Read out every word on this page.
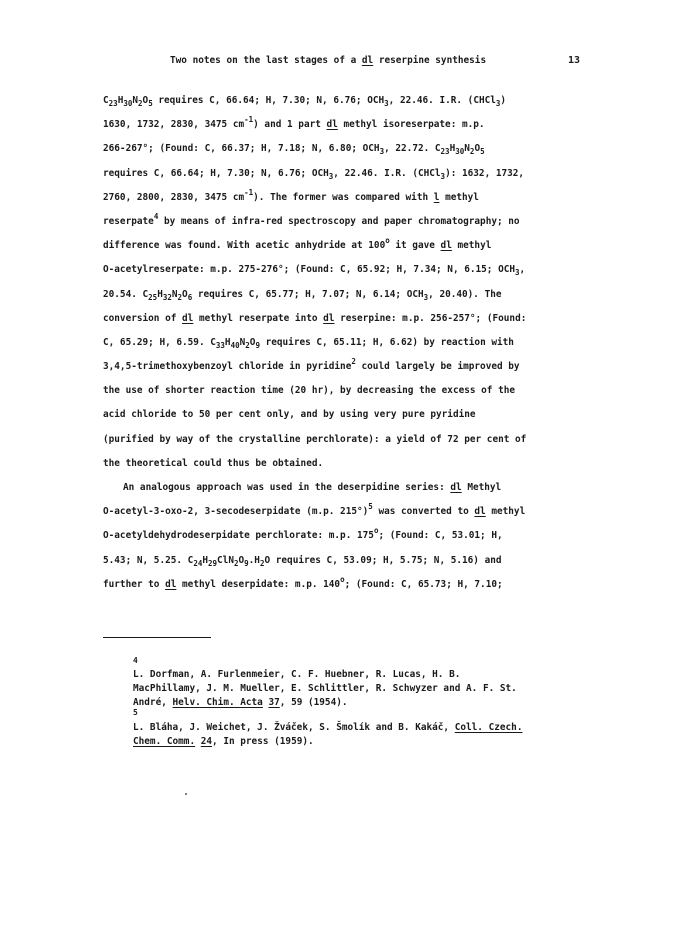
Two notes on the last stages of a dl reserpine synthesis	13
$C_{23}H_{30}N_2O_5$ requires C, 66.64; H, 7.30; N, 6.76; $OCH_3$, 22.46. I.R. (CHCl$_3$)
1630, 1732, 2830, 3475 $cm^{-1}$) and 1 part dl methyl isoreserpate: m.p.
266-267°; (Found: C, 66.37; H, 7.18; N, 6.80; $OCH_3$, 22.72. $C_{23}H_{30}N_2O_5$
requires C, 66.64; H, 7.30; N, 6.76; $OCH_3$, 22.46. I.R. (CHCl$_3$): 1632, 1732,
2760, 2800, 2830, 3475 $cm^{-1}$). The former was compared with l methyl
reserpate$^4$ by means of infra-red spectroscopy and paper chromatography; no
difference was found. With acetic anhydride at 100$^o$ it gave dl methyl
O-acetylreserpate: m.p. 275-276°; (Found: C, 65.92; H, 7.34; N, 6.15; $OCH_3$,
20.54. $C_{25}H_{32}N_2O_6$ requires C, 65.77; H, 7.07; N, 6.14; $OCH_3$, 20.40). The
conversion of dl methyl reserpate into dl reserpine: m.p. 256-257°; (Found:
C, 65.29; H, 6.59. $C_{33}H_{40}N_2O_9$ requires C, 65.11; H, 6.62) by reaction with
3,4,5-trimethoxybenzoyl chloride in pyridine$^2$ could largely be improved by
the use of shorter reaction time (20 hr), by decreasing the excess of the
acid chloride to 50 per cent only, and by using very pure pyridine
(purified by way of the crystalline perchlorate): a yield of 72 per cent of
the theoretical could thus be obtained.
An analogous approach was used in the deserpidine series: dl Methyl
O-acetyl-3-oxo-2, 3-secodeserpidate (m.p. 215°)$^5$ was converted to dl methyl
O-acetyldehydrodeserpidate perchlorate: m.p. 175$^o$; (Found: C, 53.01; H,
5.43; N, 5.25. $C_{24}H_{29}ClN_2O_9.H_2O$ requires C, 53.09; H, 5.75; N, 5.16) and
further to dl methyl deserpidate: m.p. 140$^o$; (Found: C, 65.73; H, 7.10;
4
L. Dorfman, A. Furlenmeier, C. F. Huebner, R. Lucas, H. B.
MacPhillamy, J. M. Mueller, E. Schlittler, R. Schwyzer and A. F. St.
André, Helv. Chim. Acta 37, 59 (1954).
5
L. Bláha, J. Weichet, J. Žváček, S. Šmolík and B. Kakáč, Coll. Czech.
Chem. Comm. 24, In press (1959).
